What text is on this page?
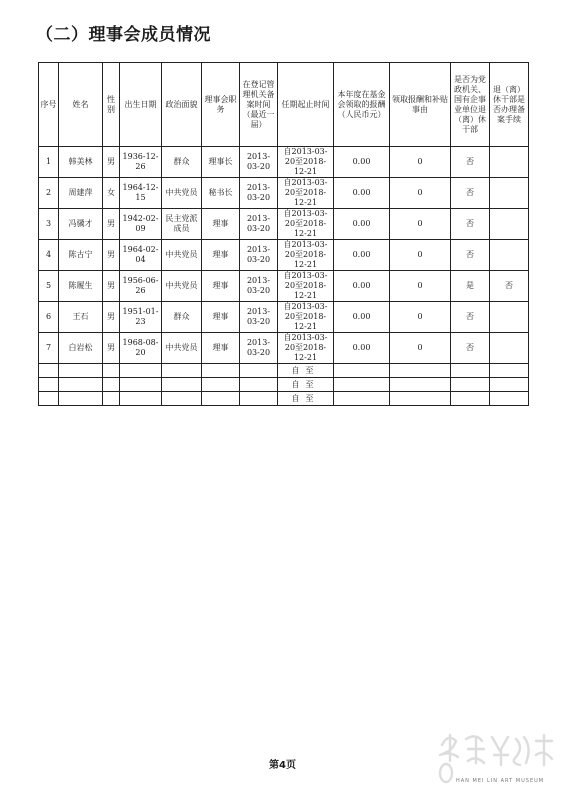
（二）理事会成员情况
序号	姓名	性别	出生日期	政治面貌	理事会职务	在登记管理机关备案时间（最近一届）	任期起止时间	本年度在基金会领取的报酬（人民币元）	领取报酬和补贴事由	是否为党政机关、国有企事业单位退（离）休干部	退（离）休干部是否办理备案手续
1	韩美林	男	1936-12-26	群众	理事长	2013-03-20	自2013-03-20至2018-12-21	0.00	0	否	
2	周建萍	女	1964-12-15	中共党员	秘书长	2013-03-20	自2013-03-20至2018-12-21	0.00	0	否	
3	冯骥才	男	1942-02-09	民主党派成员	理事	2013-03-20	自2013-03-20至2018-12-21	0.00	0	否	
4	陈古宁	男	1964-02-04	中共党员	理事	2013-03-20	自2013-03-20至2018-12-21	0.00	0	否	
5	陈履生	男	1956-06-26	中共党员	理事	2013-03-20	自2013-03-20至2018-12-21	0.00	0	是	否
6	王石	男	1951-01-23	群众	理事	2013-03-20	自2013-03-20至2018-12-21	0.00	0	否	
7	白岩松	男	1968-08-20	中共党员	理事	2013-03-20	自2013-03-20至2018-12-21	0.00	0	否	
							自至				
							自至				
							自至				
HAN MEI LIN ART MUSEUM
第4页
